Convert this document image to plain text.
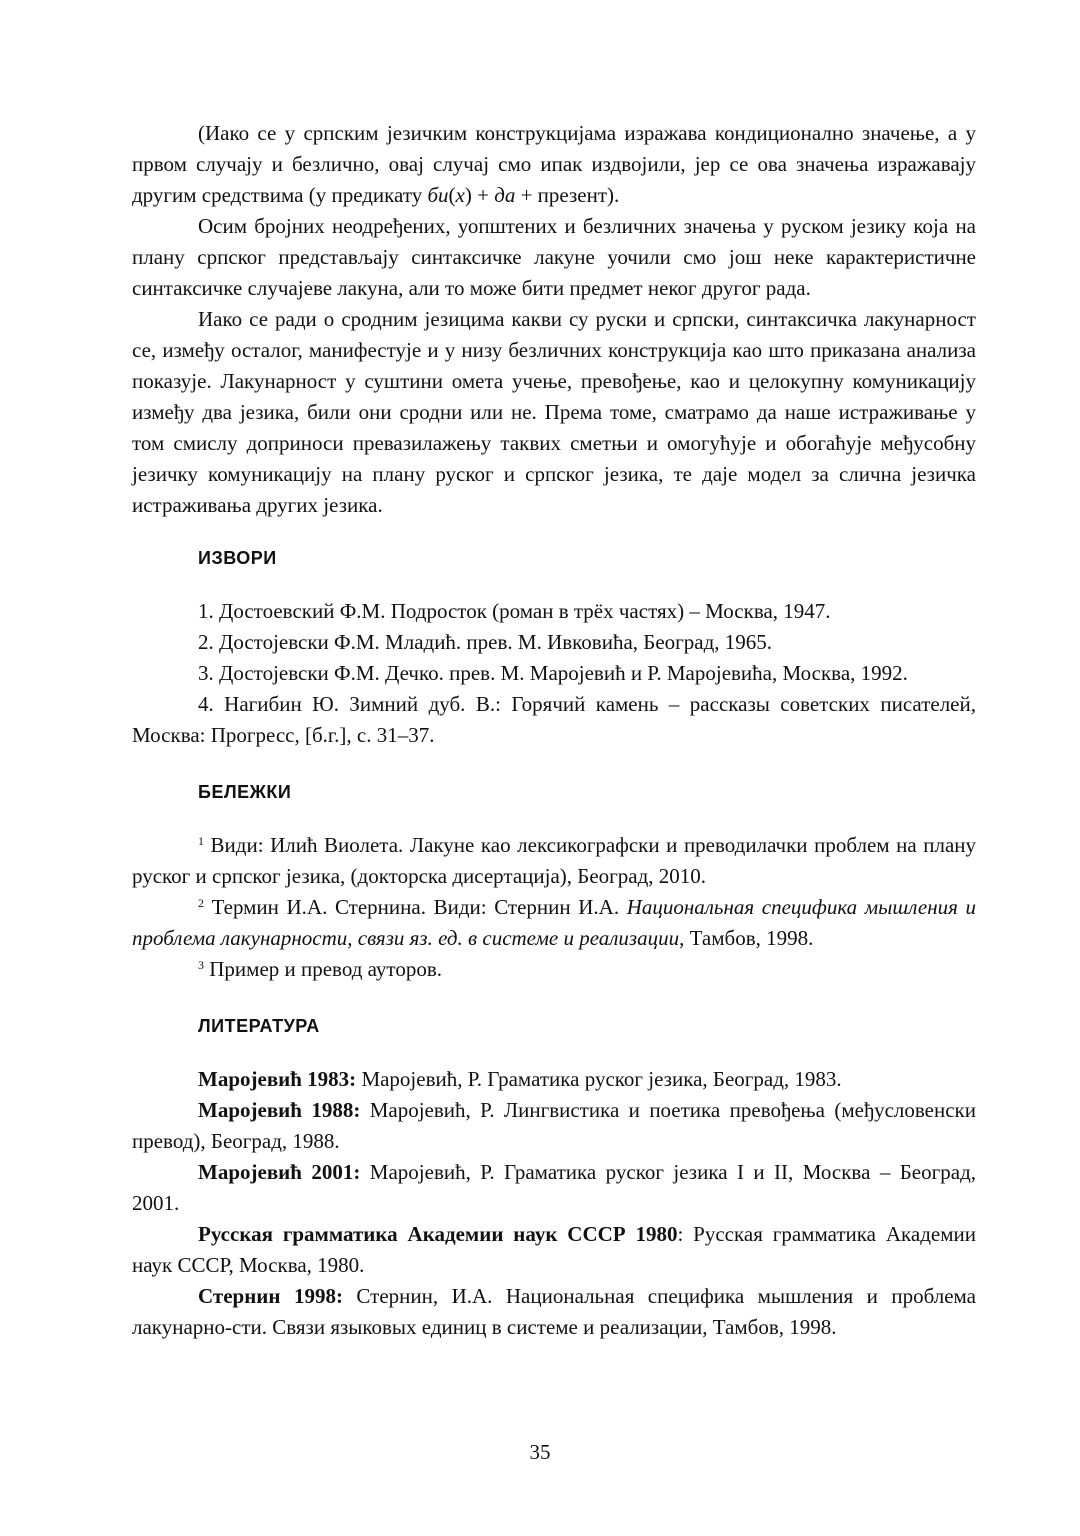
(Иако се у српским језичким конструкцијама изражава кондиционално значење, а у првом случају и безлично, овај случај смо ипак издвојили, јер се ова значења изражавају другим средствима (у предикату би(х) + да + презент).

Осим бројних неодређених, уопштених и безличних значења у руском језику која на плану српског представљају синтаксичке лакуне уочили смо још неке карактеристичне синтаксичке случајеве лакуна, али то може бити предмет неког другог рада.

Иако се ради о сродним језицима какви су руски и српски, синтаксичка лакунарност се, између осталог, манифестује и у низу безличних конструкција као што приказана анализа показује. Лакунарност у суштини омета учење, превођење, као и целокупну комуникацију између два језика, били они сродни или не. Према томе, сматрамо да наше истраживање у том смислу доприноси превазилажењу таквих сметњи и омогућује и обогаћује међусобну језичку комуникацију на плану руског и српског језика, те даје модел за слична језичка истраживања других језика.

ИЗВОРИ

1. Достоевский Ф.М. Подросток (роман в трёх частях) – Москва, 1947.

2. Достојевски Ф.М. Младић. прев. М. Ивковића, Београд, 1965.

3. Достојевски Ф.М. Дечко. прев. М. Маројевић и Р. Маројевића, Москва, 1992.

4. Нагибин Ю. Зимний дуб. В.: Горячий камень – рассказы советских писателей, Москва: Прогресс, [б.г.], с. 31–37.

БЕЛЕЖКИ

$^1$ Види: Илић Виолета. Лакуне као лексикографски и преводилачки проблем на плану руског и српског језика, (докторска дисертација), Београд, 2010.

$^2$ Термин И.А. Стернина. Види: Стернин И.А. Национальная специфика мышления и проблема лакунарности, связи яз. ед. в системе и реализации, Тамбов, 1998.

$^3$ Пример и превод ауторов.

ЛИТЕРАТУРА

Маројевић 1983: Маројевић, Р. Граматика руског језика, Београд, 1983.

Маројевић 1988: Маројевић, Р. Лингвистика и поетика превођења (међусловенски превод), Београд, 1988.

Маројевић 2001: Маројевић, Р. Граматика руског језика I и II, Москва – Београд, 2001.

Русская грамматика Академии наук СССР 1980: Русская грамматика Академии наук СССР, Москва, 1980.

Стернин 1998: Стернин, И.А. Национальная специфика мышления и проблема лакунарно-сти. Связи языковых единиц в системе и реализации, Тамбов, 1998.

35
